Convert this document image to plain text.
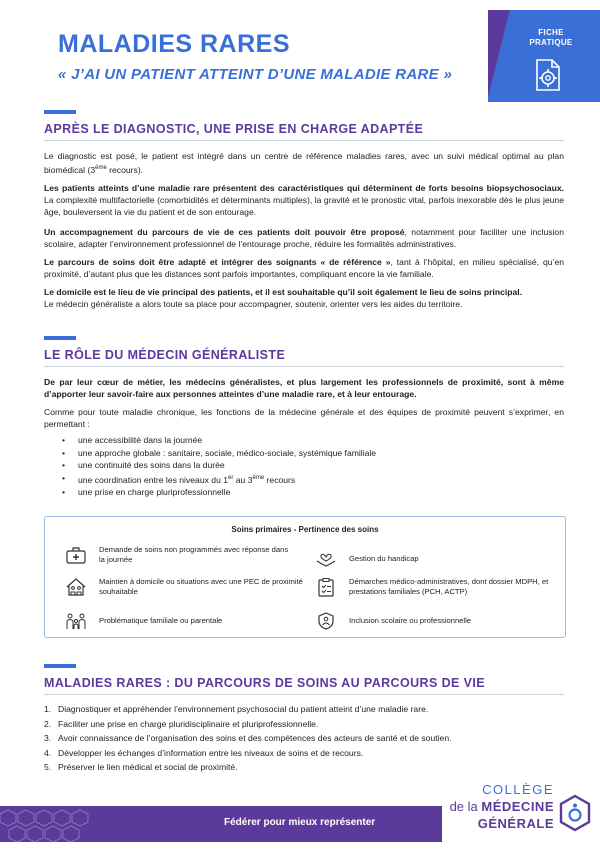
MALADIES RARES
« J’AI UN PATIENT ATTEINT D’UNE MALADIE RARE »
FICHE
PRATIQUE
APRÈS LE DIAGNOSTIC, UNE PRISE EN CHARGE ADAPTÉE

Le diagnostic est posé, le patient est intégré dans un centre de référence maladies rares, avec un suivi médical optimal au plan biomédical (3ème recours).

Les patients atteints d’une maladie rare présentent des caractéristiques qui déterminent de forts besoins biopsychosociaux. La complexité multifactorielle (comorbidités et déterminants multiples), la gravité et le pronostic vital, parfois inexorable dès le plus jeune âge, bouleversent la vie du patient et de son entourage.

Un accompagnement du parcours de vie de ces patients doit pouvoir être proposé, notamment pour faciliter une inclusion scolaire, adapter l’environnement professionnel de l’entourage proche, réduire les formalités administratives.

Le parcours de soins doit être adapté et intégrer des soignants « de référence », tant à l’hôpital, en milieu spécialisé, qu’en proximité, d’autant plus que les distances sont parfois importantes, compliquant encore la vie familiale.

Le domicile est le lieu de vie principal des patients, et il est souhaitable qu’il soit également le lieu de soins principal.
Le médecin généraliste a alors toute sa place pour accompagner, soutenir, orienter vers les aides du territoire.

LE RÔLE DU MÉDECIN GÉNÉRALISTE

De par leur cœur de métier, les médecins généralistes, et plus largement les professionnels de proximité, sont à même d’apporter leur savoir-faire aux personnes atteintes d’une maladie rare, et à leur entourage.

Comme pour toute maladie chronique, les fonctions de la médecine générale et des équipes de proximité peuvent s’exprimer, en permettant :

• une accessibilité dans la journée
• une approche globale : sanitaire, sociale, médico-sociale, systémique familiale
• une continuité des soins dans la durée
• une coordination entre les niveaux du 1er au 3ème recours
• une prise en charge pluriprofessionnelle
Soins primaires - Pertinence des soins
Demande de soins non programmés avec réponse dans la journée
Maintien à domicile ou situations avec une PEC de proximité souhaitable
Problématique familiale ou parentale
Gestion du handicap
Démarches médico-administratives, dont dossier MDPH, et prestations familiales (PCH, ACTP)
Inclusion scolaire ou professionnelle
MALADIES RARES : DU PARCOURS DE SOINS AU PARCOURS DE VIE
1. Diagnostiquer et appréhender l’environnement psychosocial du patient atteint d’une maladie rare.
2. Faciliter une prise en charge pluridisciplinaire et pluriprofessionnelle.
3. Avoir connaissance de l’organisation des soins et des compétences des acteurs de santé et de soutien.
4. Développer les échanges d’information entre les niveaux de soins et de recours.
5. Préserver le lien médical et social de proximité.
Fédérer pour mieux représenter
COLLÈGE
de la MÉDECINE
GÉNÉRALE
